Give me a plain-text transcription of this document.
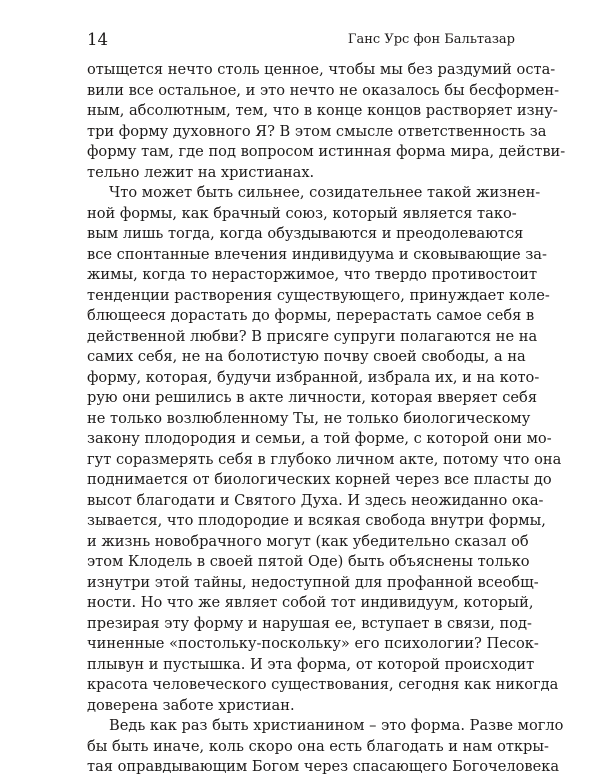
14	Ганс Урс фон Бальтазар
отыщется нечто столь ценное, чтобы мы без раздумий оста-
вили все остальное, и это нечто не оказалось бы бесформен-
ным, абсолютным, тем, что в конце концов растворяет изну-
три форму духовного Я? В этом смысле ответственность за
форму там, где под вопросом истинная форма мира, действи-
тельно лежит на христианах.
Что может быть сильнее, созидательнее такой жизнен-
ной формы, как брачный союз, который является тако-
вым лишь тогда, когда обуздываются и преодолеваются
все спонтанные влечения индивидуума и сковывающие за-
жимы, когда то нерасторжимое, что твердо противостоит
тенденции растворения существующего, принуждает коле-
блющееся дорастать до формы, перерастать самое себя в
действенной любви? В присяге супруги полагаются не на
самих себя, не на болотистую почву своей свободы, а на
форму, которая, будучи избранной, избрала их, и на кото-
рую они решились в акте личности, которая вверяет себя
не только возлюбленному Ты, не только биологическому
закону плодородия и семьи, а той форме, с которой они мо-
гут соразмерять себя в глубоко личном акте, потому что она
поднимается от биологических корней через все пласты до
высот благодати и Святого Духа. И здесь неожиданно ока-
зывается, что плодородие и всякая свобода внутри формы,
и жизнь новобрачного могут (как убедительно сказал об
этом Клодель в своей пятой Оде) быть объяснены только
изнутри этой тайны, недоступной для профанной всеобщ-
ности. Но что же являет собой тот индивидуум, который,
презирая эту форму и нарушая ее, вступает в связи, под-
чиненные «постольку-поскольку» его психологии? Песок-
плывун и пустышка. И эта форма, от которой происходит
красота человеческого существования, сегодня как никогда
доверена заботе христиан.
Ведь как раз быть христианином – это форма. Разве могло
бы быть иначе, коль скоро она есть благодать и нам откры-
тая оправдывающим Богом через спасающего Богочеловека
